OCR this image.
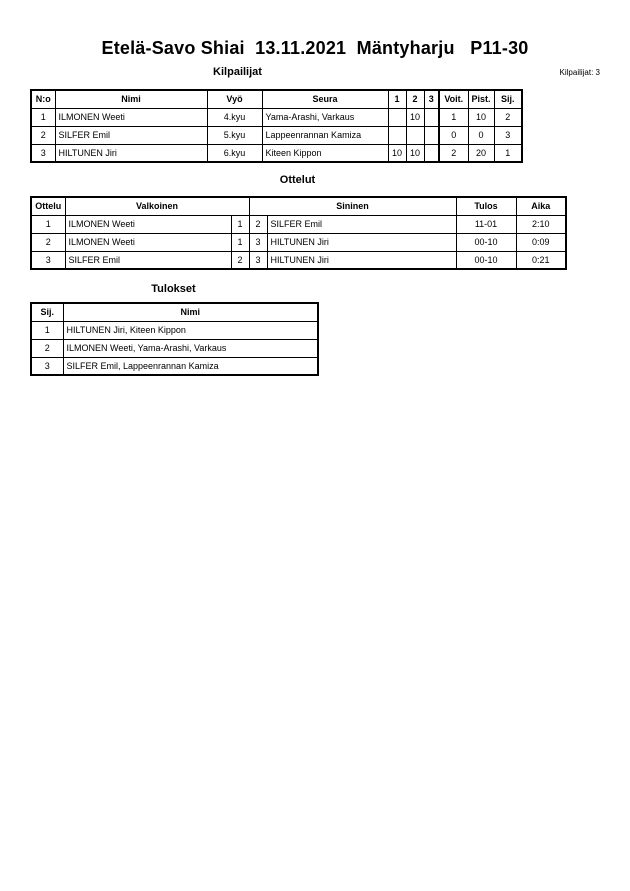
Etelä-Savo Shiai  13.11.2021  Mäntyharju   P11-30
Kilpailijat	Kilpailijat: 3
N:o	Nimi	Vyö	Seura	1	2	3	Voit.	Pist.	Sij.
1	ILMONEN Weeti	4.kyu	Yama-Arashi, Varkaus		10		1	10	2
2	SILFER Emil	5.kyu	Lappeenrannan Kamiza				0	0	3
3	HILTUNEN Jiri	6.kyu	Kiteen Kippon	10	10		2	20	1
Ottelut
Ottelu	Valkoinen		Sininen		Tulos	Aika
1	ILMONEN Weeti	1	2	SILFER Emil	11-01	2:10
2	ILMONEN Weeti	1	3	HILTUNEN Jiri	00-10	0:09
3	SILFER Emil	2	3	HILTUNEN Jiri	00-10	0:21
Tulokset
Sij.	Nimi
1	HILTUNEN Jiri, Kiteen Kippon
2	ILMONEN Weeti, Yama-Arashi, Varkaus
3	SILFER Emil, Lappeenrannan Kamiza
